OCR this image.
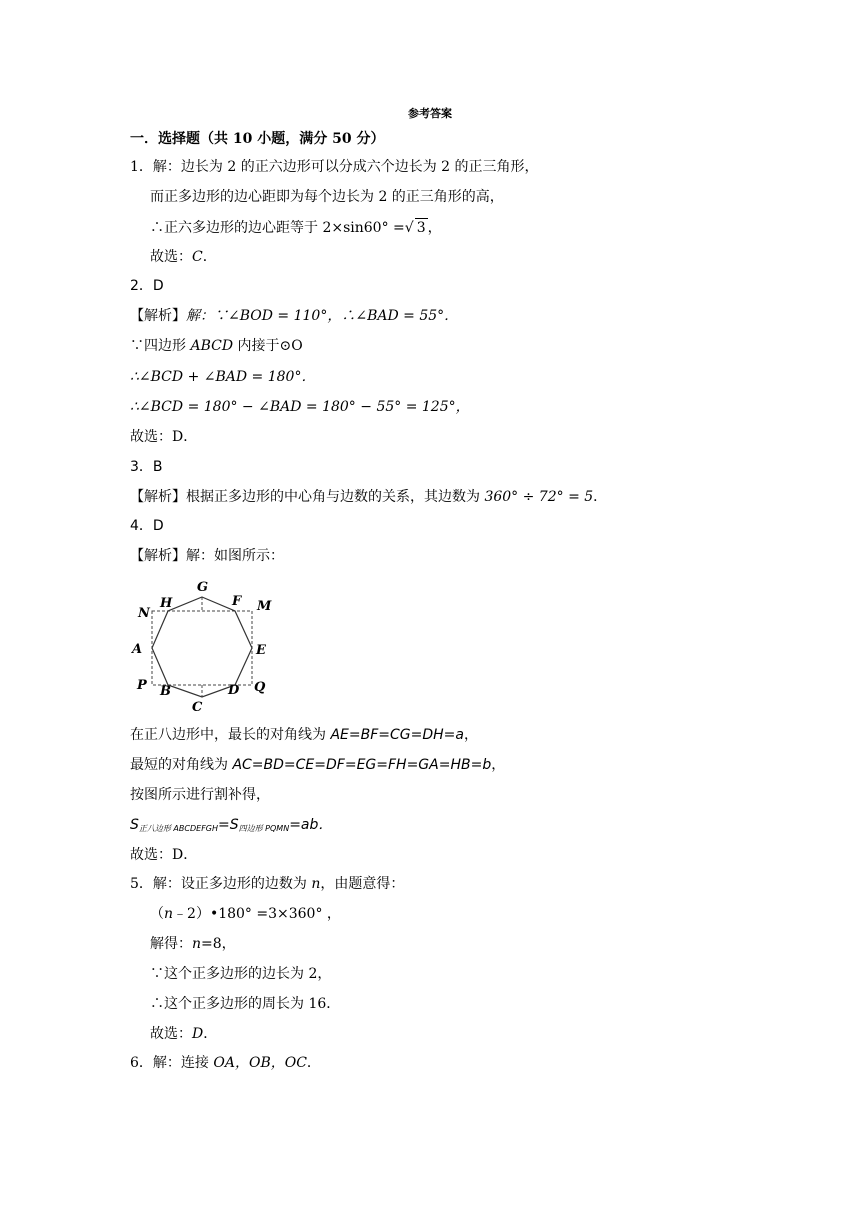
参考答案
一．选择题（共 10 小题，满分 50 分）
1．解：边长为 2 的正六边形可以分成六个边长为 2 的正三角形，
而正多边形的边心距即为每个边长为 2 的正三角形的高，
∴正六多边形的边心距等于 2×sin60° =√ 3 ，
故选：C．
2．D
【解析】解：∵∠BOD = 110°，∴∠BAD = 55°．
∵四边形 ABCD 内接于⊙O
∴∠BCD + ∠BAD = 180°．
∴∠BCD = 180° − ∠BAD = 180° − 55° = 125°，
故选：D．
3．B
【解析】根据正多边形的中心角与边数的关系，其边数为 360° ÷ 72° = 5．
4．D
【解析】解：如图所示：
G
H	F
N	M
A	E
P B	D Q
C
在正八边形中，最长的对角线为 AE=BF=CG=DH=a，
最短的对角线为 AC=BD=CE=DF=EG=FH=GA=HB=b，
按图所示进行割补得，
$S_{正八边形 ABCDEFGH}=S_{四边形 PQMN}=ab$．
故选：D．
5．解：设正多边形的边数为 n，由题意得：
（n﹣2）•180° =3×360° ，
解得：n=8，
∵这个正多边形的边长为 2，
∴这个正多边形的周长为 16．
故选：D．
6．解：连接 OA，OB，OC．
